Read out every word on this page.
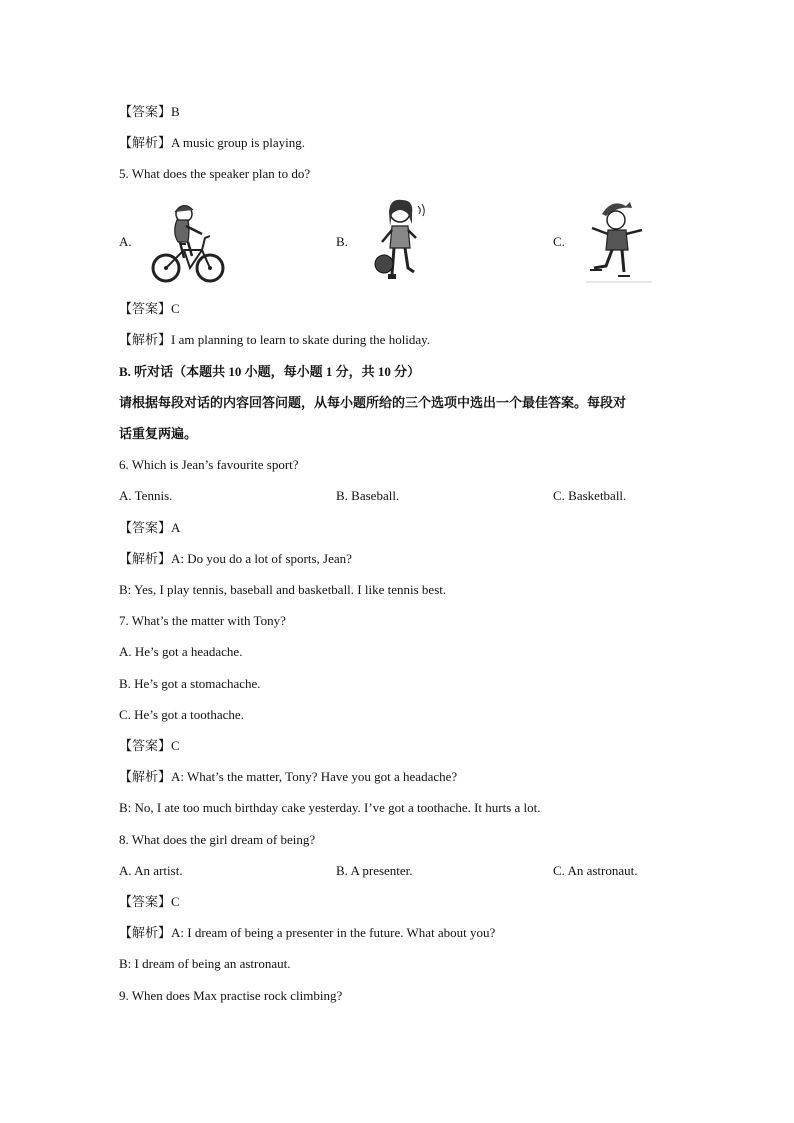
【答案】B
【解析】A music group is playing.
5. What does the speaker plan to do?
A.	B.	C.
【答案】C
【解析】I am planning to learn to skate during the holiday.
B. 听对话（本题共 10 小题，每小题 1 分，共 10 分）
请根据每段对话的内容回答问题，从每小题所给的三个选项中选出一个最佳答案。每段对
话重复两遍。
6. Which is Jean’s favourite sport?
A. Tennis.	B. Baseball.	C. Basketball.
【答案】A
【解析】A: Do you do a lot of sports, Jean?
B: Yes, I play tennis, baseball and basketball. I like tennis best.
7. What’s the matter with Tony?
A. He’s got a headache.
B. He’s got a stomachache.
C. He’s got a toothache.
【答案】C
【解析】A: What’s the matter, Tony? Have you got a headache?
B: No, I ate too much birthday cake yesterday. I’ve got a toothache. It hurts a lot.
8. What does the girl dream of being?
A. An artist.	B. A presenter.	C. An astronaut.
【答案】C
【解析】A: I dream of being a presenter in the future. What about you?
B: I dream of being an astronaut.
9. When does Max practise rock climbing?
